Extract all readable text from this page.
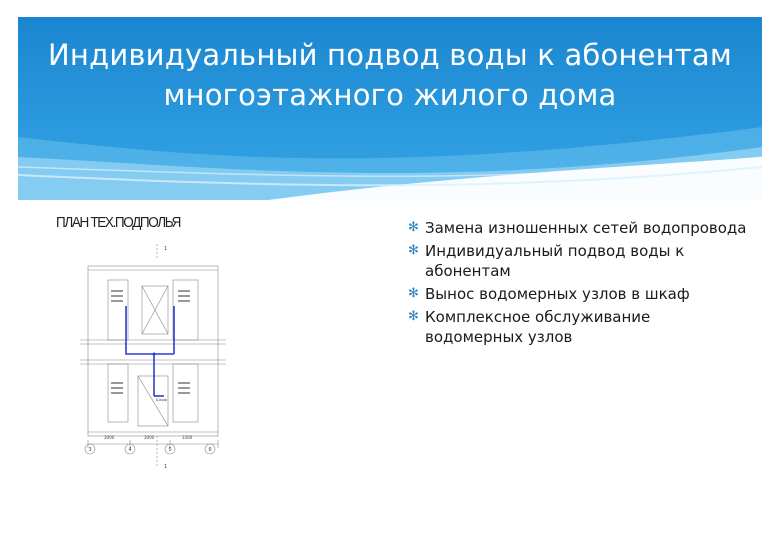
Индивидуальный подвод воды к абонентам
многоэтажного жилого дома
ПЛАН ТЕХ.ПОДПОЛЬЯ
1
1
Шкаф
3000	3000	3300
3	4	5	6
✻ Замена изношенных сетей водопровода
✻ Индивидуальный подвод воды к абонентам
✻ Вынос водомерных узлов в шкаф
✻ Комплексное обслуживание водомерных узлов
